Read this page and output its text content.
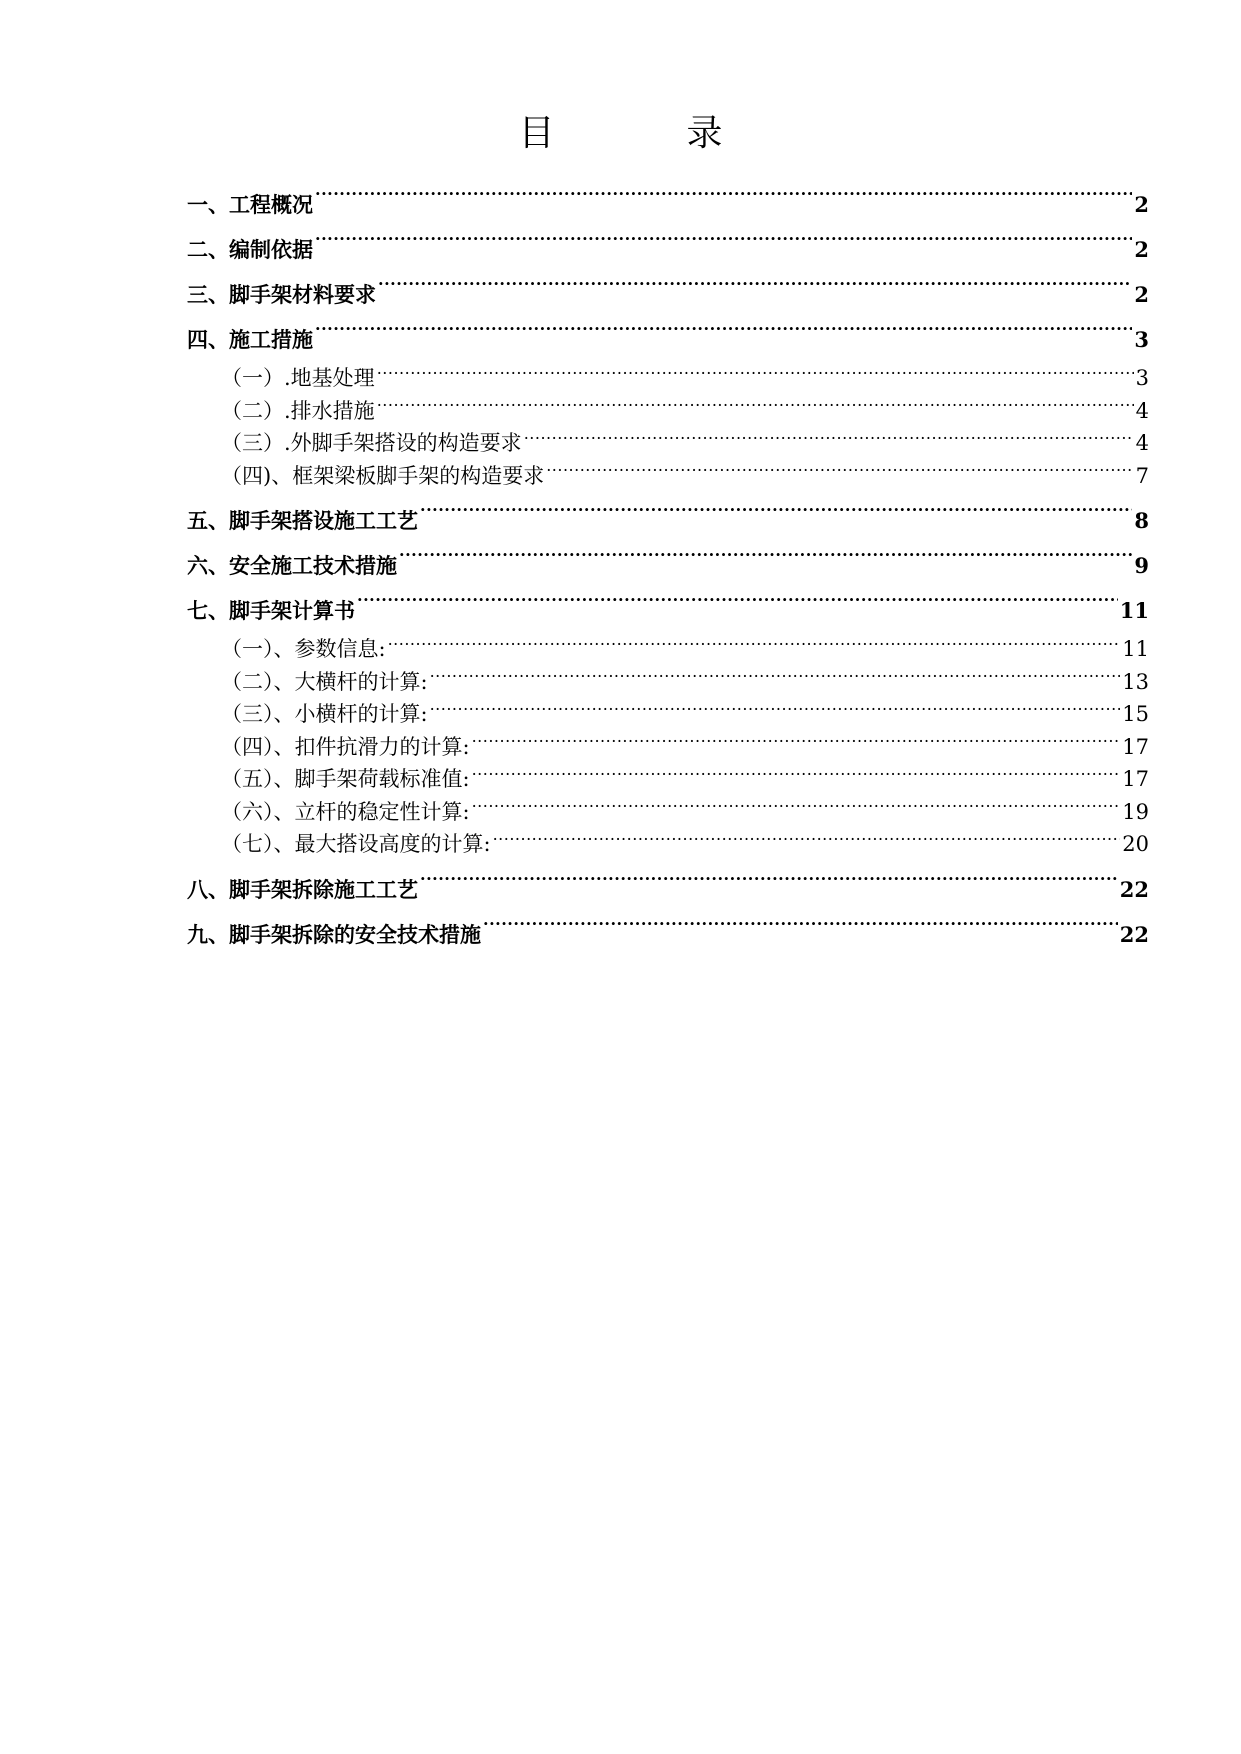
目　录
一、工程概况 .....	2
二、编制依据 .....	2
三、脚手架材料要求 .....	2
四、施工措施 .....	3
（一）.地基处理 .....	3
（二）.排水措施 .....	4
（三）.外脚手架搭设的构造要求 .....	4
（四)、框架梁板脚手架的构造要求 .....	7
五、脚手架搭设施工工艺 .....	8
六、安全施工技术措施 .....	9
七、脚手架计算书 .....	11
（一）、参数信息: .....	11
（二）、大横杆的计算: .....	13
（三）、小横杆的计算: .....	15
（四）、扣件抗滑力的计算: .....	17
（五）、脚手架荷载标准值: .....	17
（六）、立杆的稳定性计算: .....	19
（七）、最大搭设高度的计算: .....	20
八、脚手架拆除施工工艺 .....	22
九、脚手架拆除的安全技术措施 .....	22
